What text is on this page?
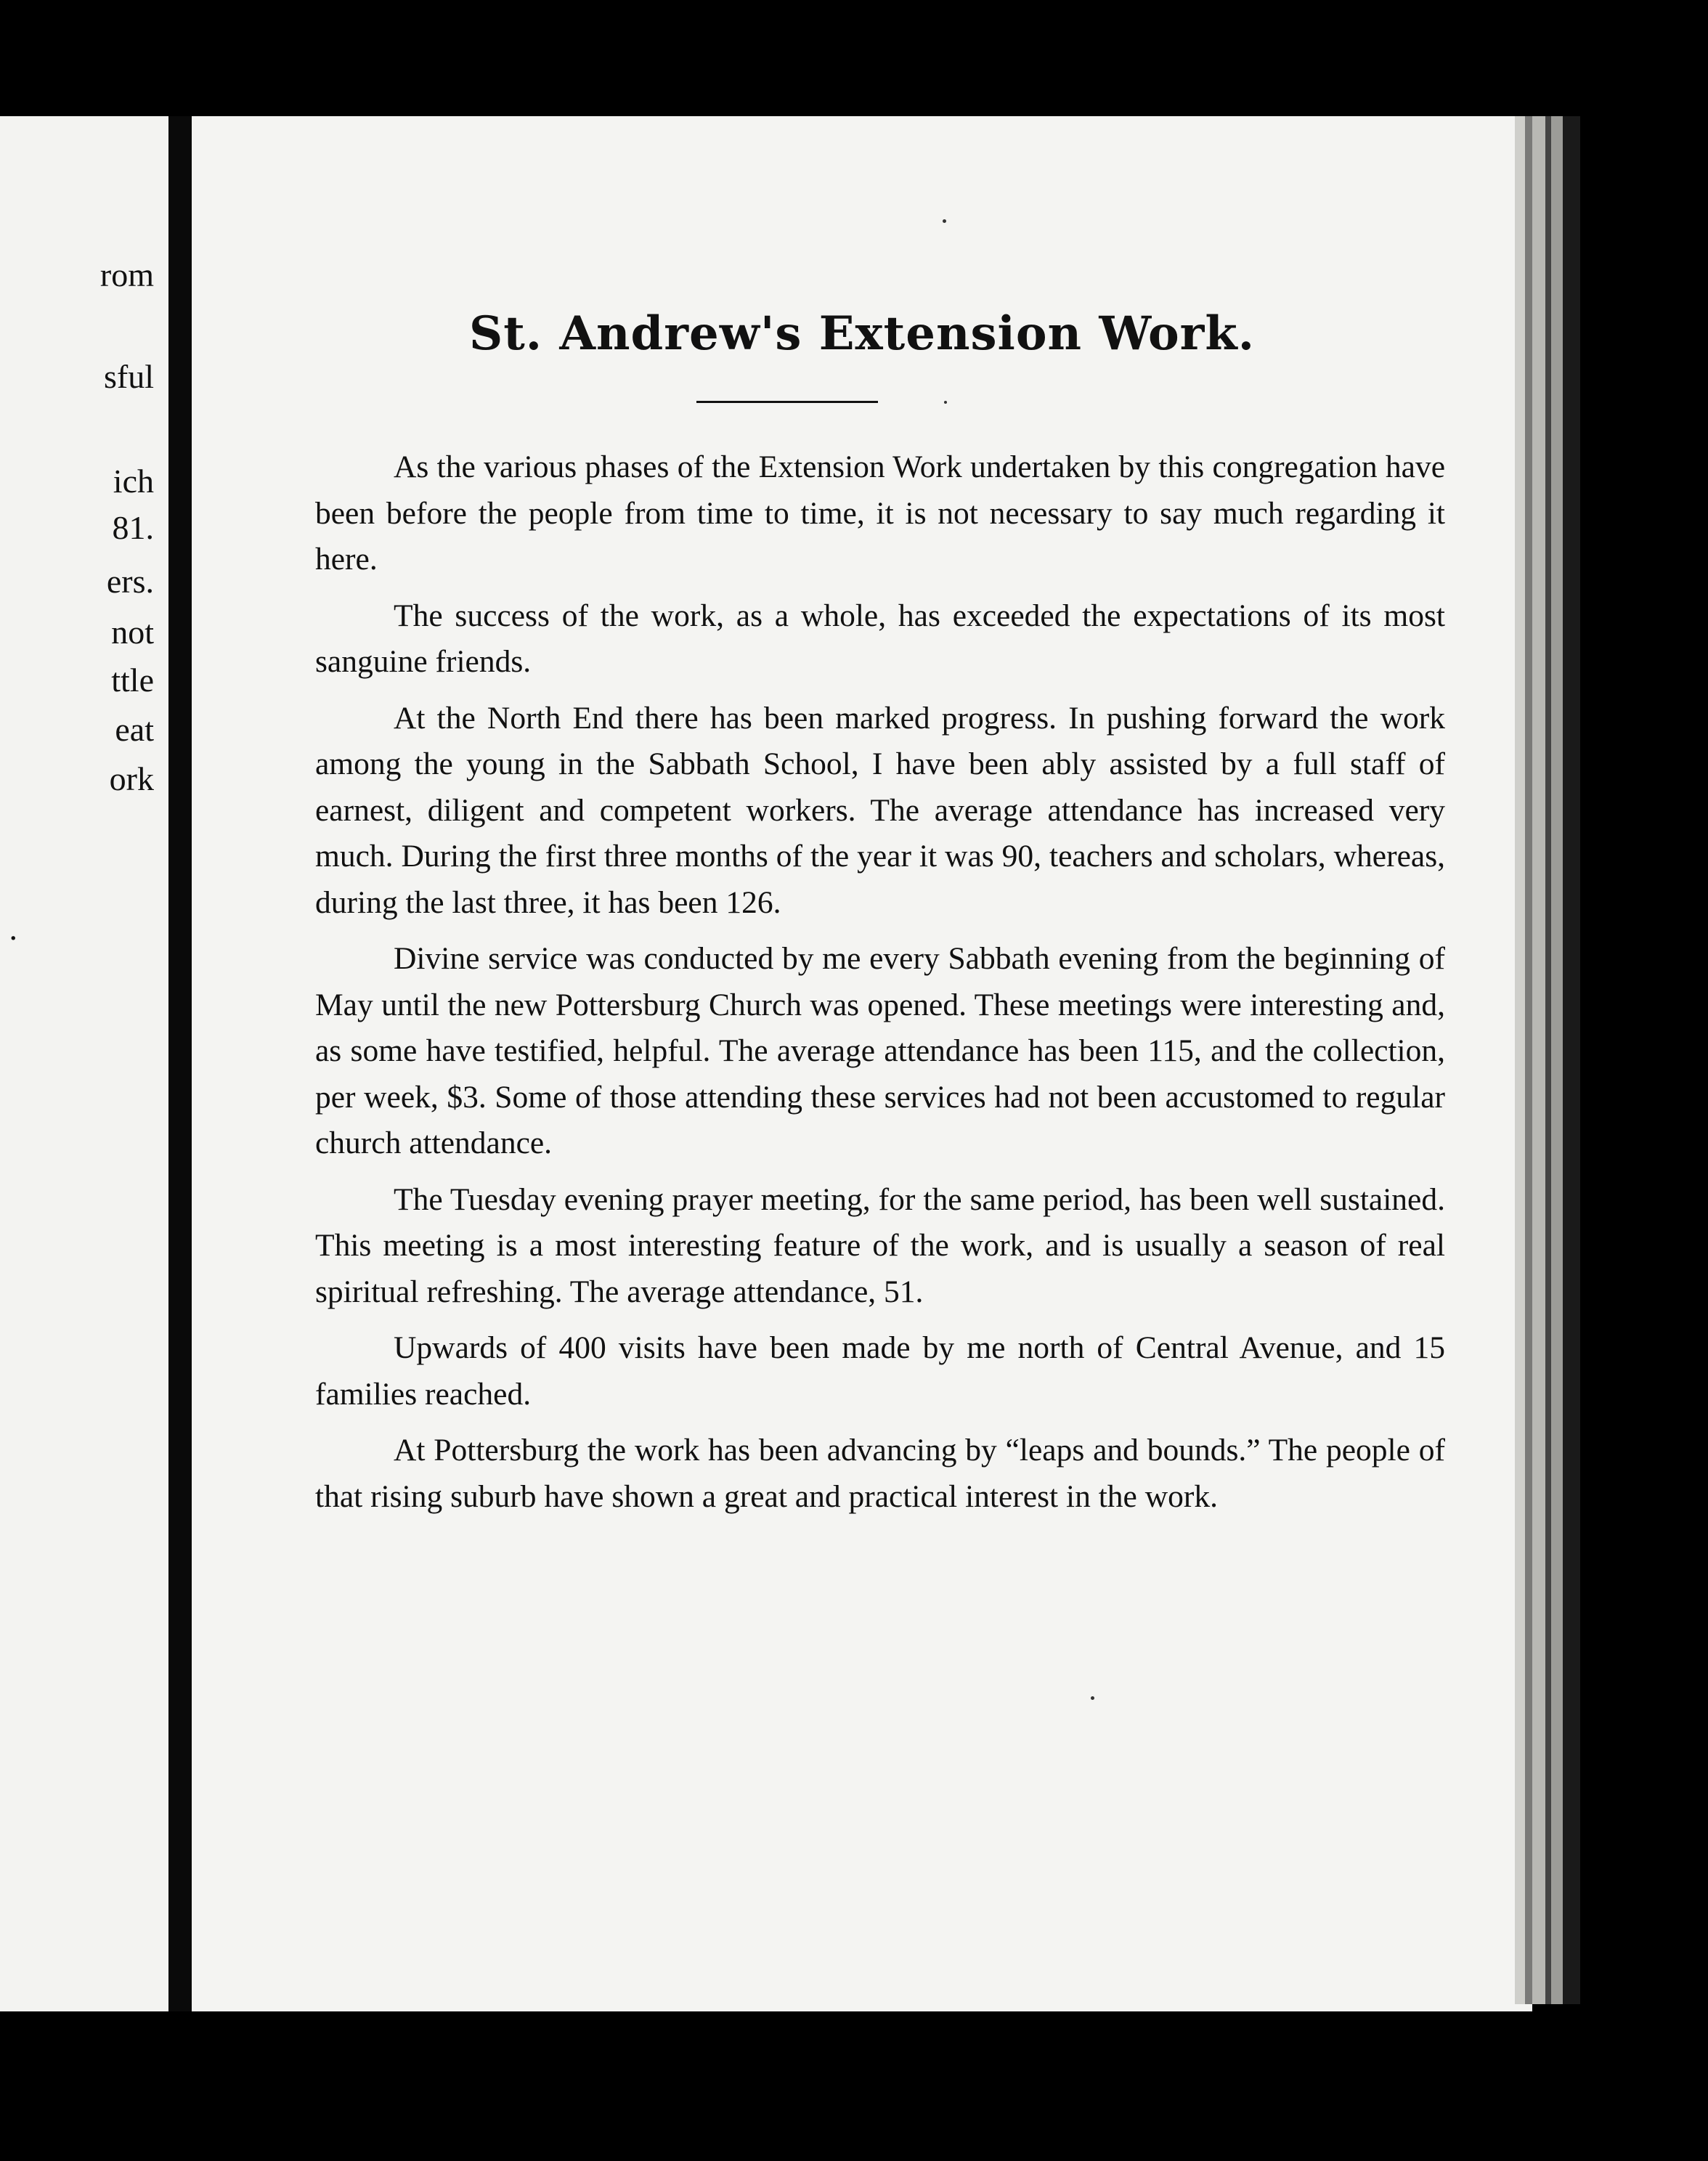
rom
sful
ich
81.
ers.
not
ttle
eat
ork
.
St. Andrew's Extension Work.

As the various phases of the Extension Work undertaken by this congregation have been before the people from time to time, it is not necessary to say much regarding it here.

The success of the work, as a whole, has exceeded the expectations of its most sanguine friends.

At the North End there has been marked progress. In pushing forward the work among the young in the Sabbath School, I have been ably assisted by a full staff of earnest, diligent and competent workers. The average attendance has increased very much. During the first three months of the year it was 90, teachers and scholars, whereas, during the last three, it has been 126.

Divine service was conducted by me every Sabbath evening from the beginning of May until the new Pottersburg Church was opened. These meetings were interesting and, as some have testified, helpful. The average attendance has been 115, and the collection, per week, $3. Some of those attending these services had not been accustomed to regular church attendance.

The Tuesday evening prayer meeting, for the same period, has been well sustained. This meeting is a most interesting feature of the work, and is usually a season of real spiritual refreshing. The average attendance, 51.

Upwards of 400 visits have been made by me north of Central Avenue, and 15 families reached.

At Pottersburg the work has been advancing by “leaps and bounds.” The people of that rising suburb have shown a great and practical interest in the work.
